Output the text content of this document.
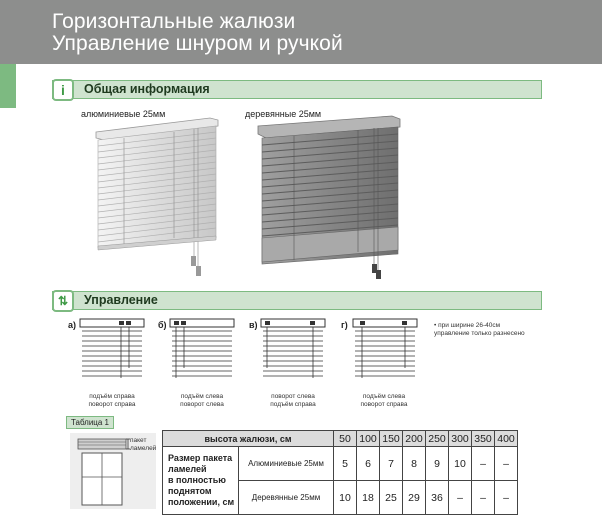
Горизонтальные жалюзи
Управление шнуром и ручкой
i	Общая информация
алюминиевые 25мм	деревянные 25мм
⇅	Управление
а)
подъём справа
поворот справа
б)
подъём слева
поворот слева
в)
поворот слева
подъём справа
г)
подъём слева
поворот справа
• при ширине 26-40см
управление только разнесено
Таблица 1
пакет
ламелей
высота жалюзи, см		50	100	150	200	250	300	350	400

Размер пакета
ламелей
в полностью
поднятом
положении, см	Алюминиевые 25мм	5	6	7	8	9	10	–	–
	Деревянные 25мм	10	18	25	29	36	–	–	–
